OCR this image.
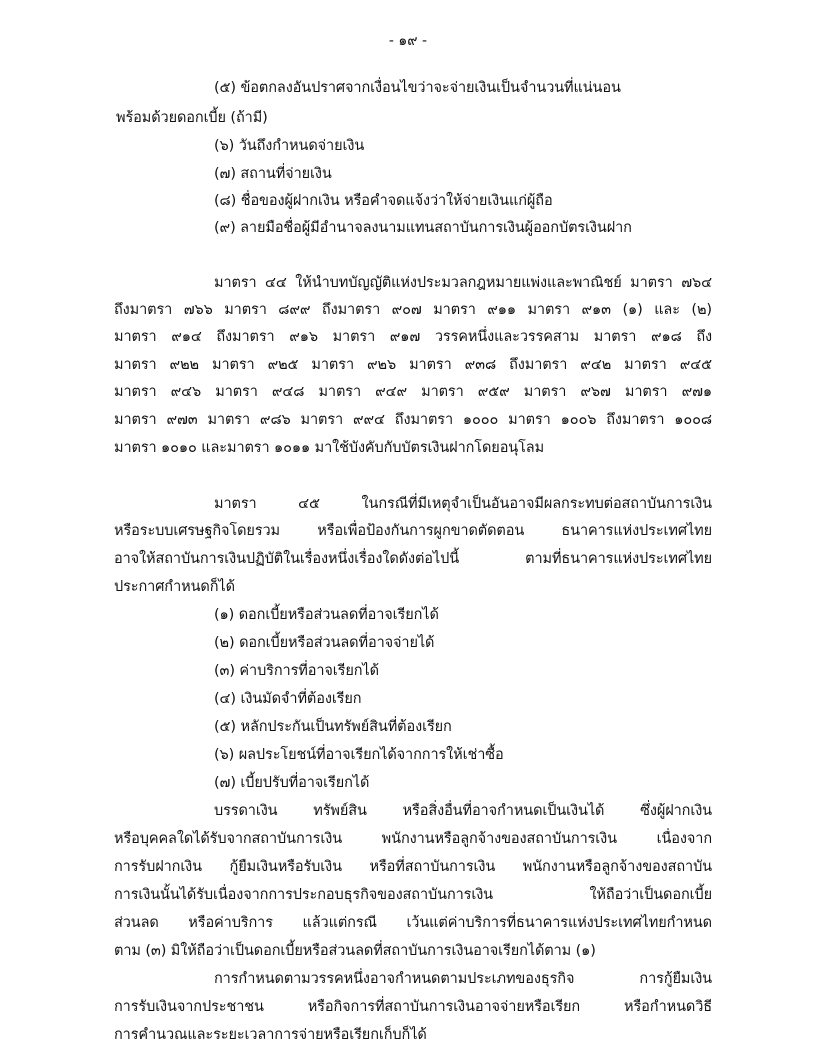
- ๑๙ -
(๕) ข้อตกลงอันปราศจากเงื่อนไขว่าจะจ่ายเงินเป็นจำนวนที่แน่นอน
พร้อมด้วยดอกเบี้ย (ถ้ามี)
(๖) วันถึงกำหนดจ่ายเงิน
(๗) สถานที่จ่ายเงิน
(๘) ชื่อของผู้ฝากเงิน หรือคำจดแจ้งว่าให้จ่ายเงินแก่ผู้ถือ
(๙) ลายมือชื่อผู้มีอำนาจลงนามแทนสถาบันการเงินผู้ออกบัตรเงินฝาก
มาตรา ๔๔ ให้นำบทบัญญัติแห่งประมวลกฎหมายแพ่งและพาณิชย์ มาตรา ๗๖๔
ถึงมาตรา ๗๖๖ มาตรา ๘๙๙ ถึงมาตรา ๙๐๗ มาตรา ๙๑๑ มาตรา ๙๑๓ (๑) และ (๒)
มาตรา ๙๑๔ ถึงมาตรา ๙๑๖ มาตรา ๙๑๗ วรรคหนึ่งและวรรคสาม มาตรา ๙๑๘ ถึง
มาตรา ๙๒๒ มาตรา ๙๒๕ มาตรา ๙๒๖ มาตรา ๙๓๘ ถึงมาตรา ๙๔๒ มาตรา ๙๔๕
มาตรา ๙๔๖ มาตรา ๙๔๘ มาตรา ๙๔๙ มาตรา ๙๕๙ มาตรา ๙๖๗ มาตรา ๙๗๑
มาตรา ๙๗๓ มาตรา ๙๘๖ มาตรา ๙๙๔ ถึงมาตรา ๑๐๐๐ มาตรา ๑๐๐๖ ถึงมาตรา ๑๐๐๘
มาตรา ๑๐๑๐ และมาตรา ๑๐๑๑ มาใช้บังคับกับบัตรเงินฝากโดยอนุโลม
มาตรา ๔๕ ในกรณีที่มีเหตุจำเป็นอันอาจมีผลกระทบต่อสถาบันการเงิน
หรือระบบเศรษฐกิจโดยรวม หรือเพื่อป้องกันการผูกขาดตัดตอน ธนาคารแห่งประเทศไทย
อาจให้สถาบันการเงินปฏิบัติในเรื่องหนึ่งเรื่องใดดังต่อไปนี้ ตามที่ธนาคารแห่งประเทศไทย
ประกาศกำหนดก็ได้
(๑) ดอกเบี้ยหรือส่วนลดที่อาจเรียกได้
(๒) ดอกเบี้ยหรือส่วนลดที่อาจจ่ายได้
(๓) ค่าบริการที่อาจเรียกได้
(๔) เงินมัดจำที่ต้องเรียก
(๕) หลักประกันเป็นทรัพย์สินที่ต้องเรียก
(๖) ผลประโยชน์ที่อาจเรียกได้จากการให้เช่าซื้อ
(๗) เบี้ยปรับที่อาจเรียกได้
บรรดาเงิน ทรัพย์สิน หรือสิ่งอื่นที่อาจกำหนดเป็นเงินได้ ซึ่งผู้ฝากเงิน
หรือบุคคลใดได้รับจากสถาบันการเงิน พนักงานหรือลูกจ้างของสถาบันการเงิน เนื่องจาก
การรับฝากเงิน กู้ยืมเงินหรือรับเงิน หรือที่สถาบันการเงิน พนักงานหรือลูกจ้างของสถาบัน
การเงินนั้นได้รับเนื่องจากการประกอบธุรกิจของสถาบันการเงิน ให้ถือว่าเป็นดอกเบี้ย
ส่วนลด หรือค่าบริการ แล้วแต่กรณี เว้นแต่ค่าบริการที่ธนาคารแห่งประเทศไทยกำหนด
ตาม (๓) มิให้ถือว่าเป็นดอกเบี้ยหรือส่วนลดที่สถาบันการเงินอาจเรียกได้ตาม (๑)
การกำหนดตามวรรคหนึ่งอาจกำหนดตามประเภทของธุรกิจ การกู้ยืมเงิน
การรับเงินจากประชาชน หรือกิจการที่สถาบันการเงินอาจจ่ายหรือเรียก หรือกำหนดวิธี
การคำนวณและระยะเวลาการจ่ายหรือเรียกเก็บก็ได้
